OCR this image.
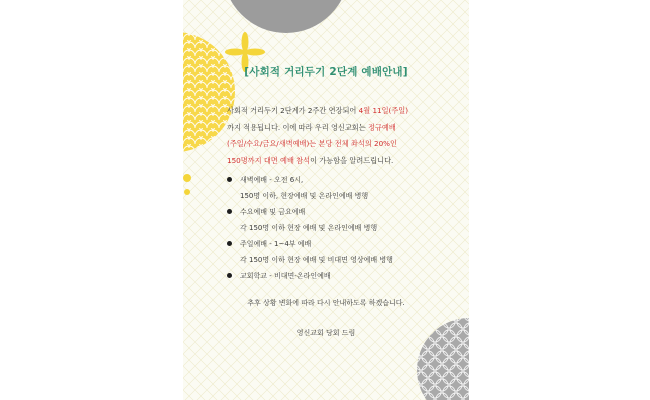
[사회적 거리두기 2단계 예배안내]
사회적 거리두기 2단계가 2주간 연장되어 4월 11일(주일)
까지 적용됩니다. 이에 따라 우리 영신교회는 정규예배
(주일/수요/금요/새벽예배)는 본당 전체 좌석의 20%인
150명까지 대면 예배 참석이 가능함을 알려드립니다.
새벽예배 - 오전 6시,
150명 이하, 현장예배 및 온라인예배 병행
수요예배 및 금요예배
각 150명 이하 현장 예배 및 온라인예배 병행
주일예배 - 1~4부 예배
각 150명 이하 현장 예배 및 비대면 영상예배 병행
교회학교 - 비대면-온라인예배
추후 상황 변화에 따라 다시 안내하도록 하겠습니다.
영신교회 당회 드림
